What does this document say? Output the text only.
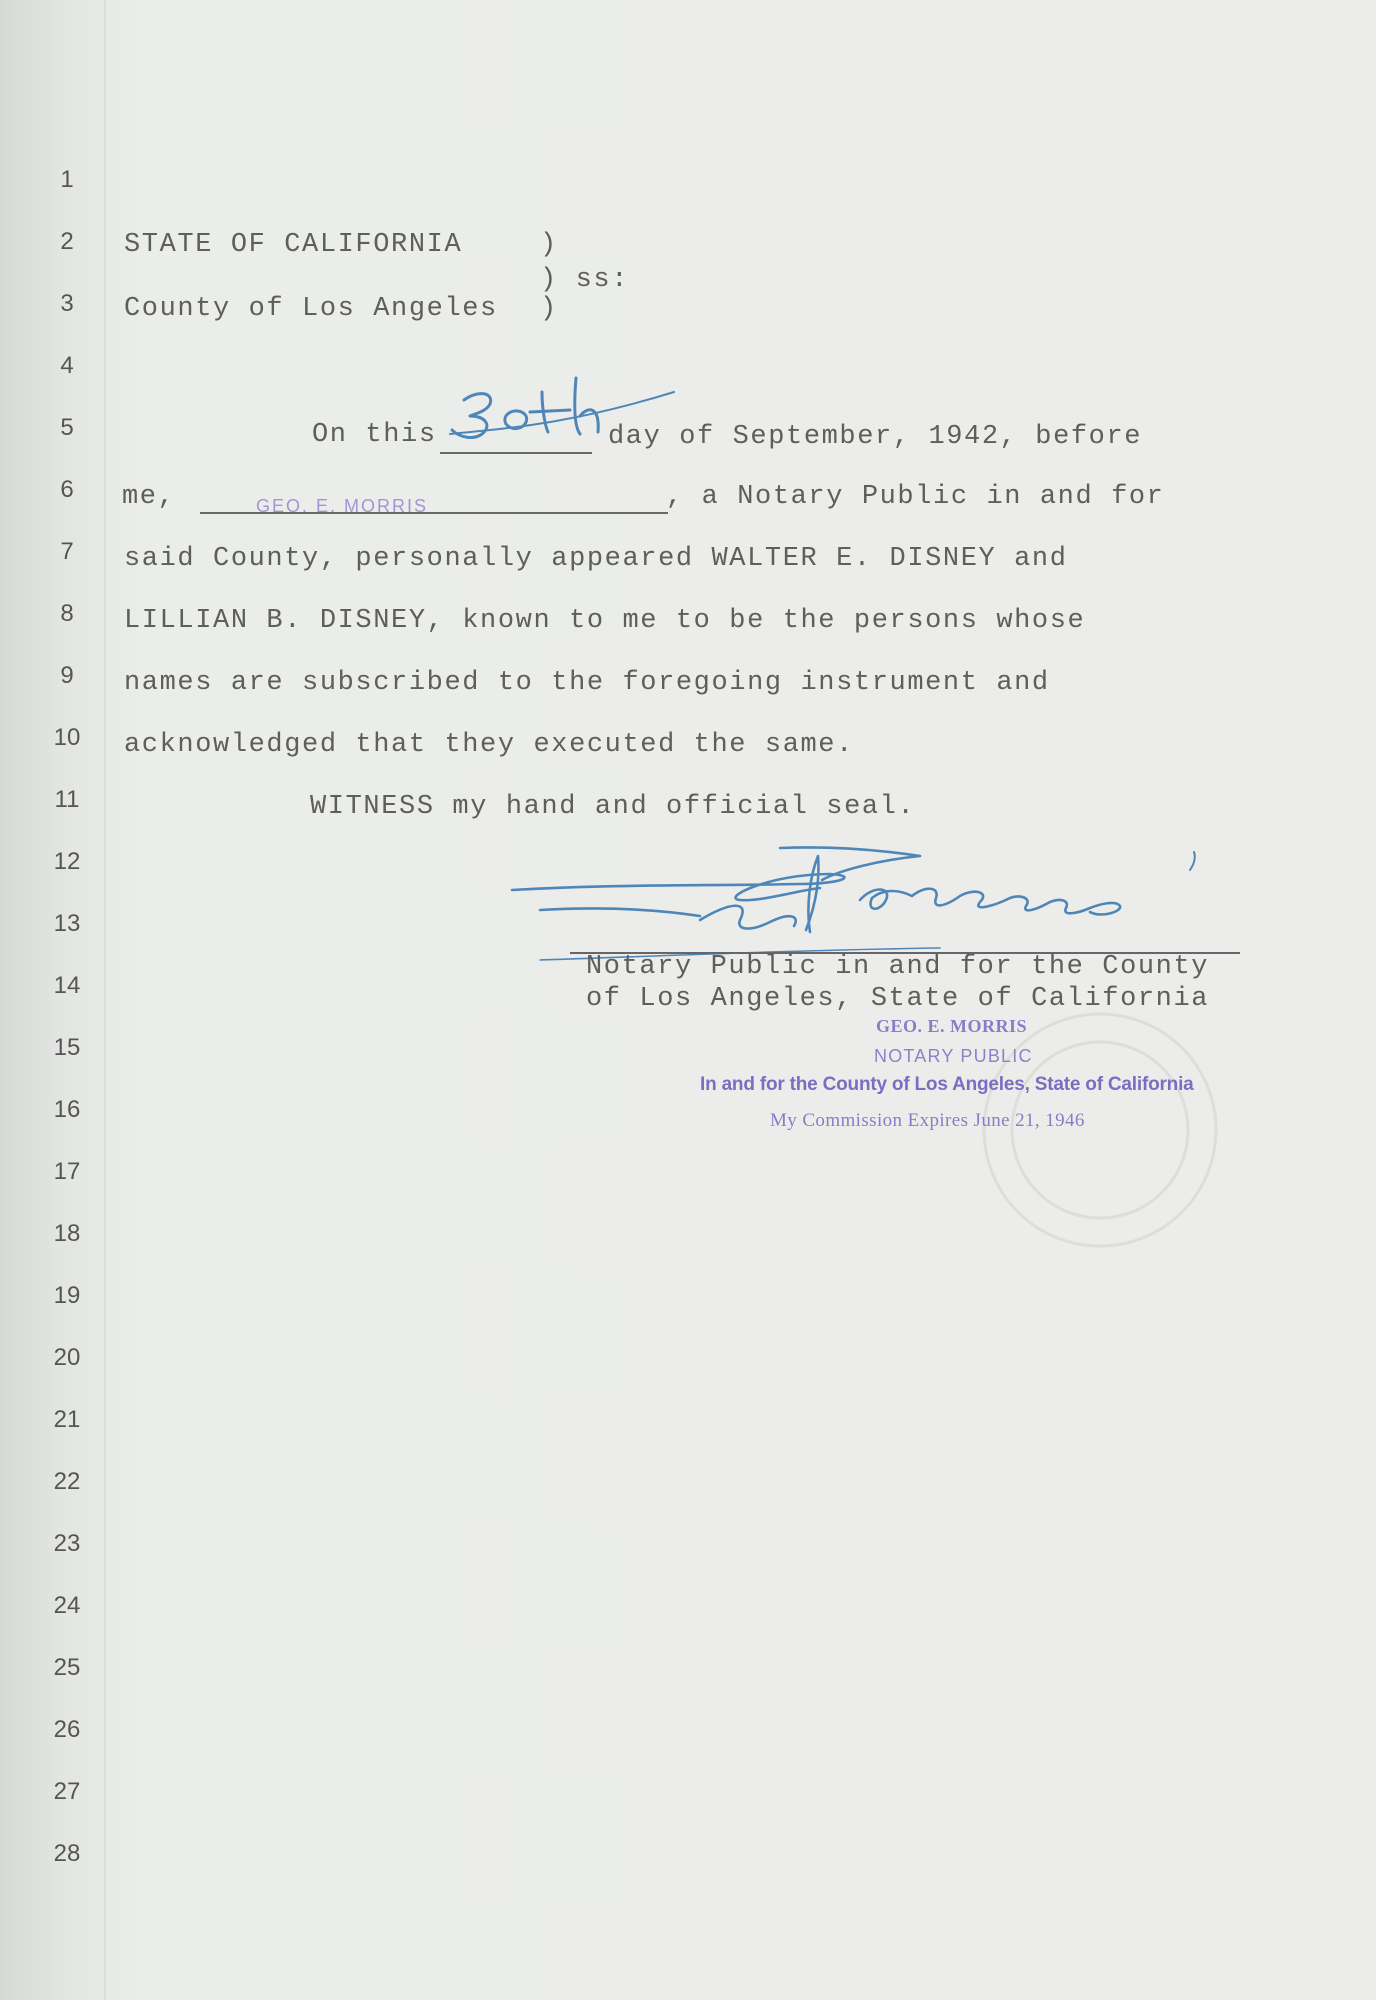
1
2
3
4
5
6
7
8
9
10
11
12
13
14
15
16
17
18
19
20
21
22
23
24
25
26
27
28
STATE OF CALIFORNIA	)
) ss:
County of Los Angeles )
On this	day of September, 1942, before
me,	GEO. E. MORRIS	, a Notary Public in and for
said County, personally appeared WALTER E. DISNEY and
LILLIAN B. DISNEY, known to me to be the persons whose
names are subscribed to the foregoing instrument and
acknowledged that they executed the same.
WITNESS my hand and official seal.
Notary Public in and for the County
of Los Angeles, State of California
GEO. E. MORRIS
NOTARY PUBLIC
In and for the County of Los Angeles, State of California
My Commission Expires June 21, 1946
